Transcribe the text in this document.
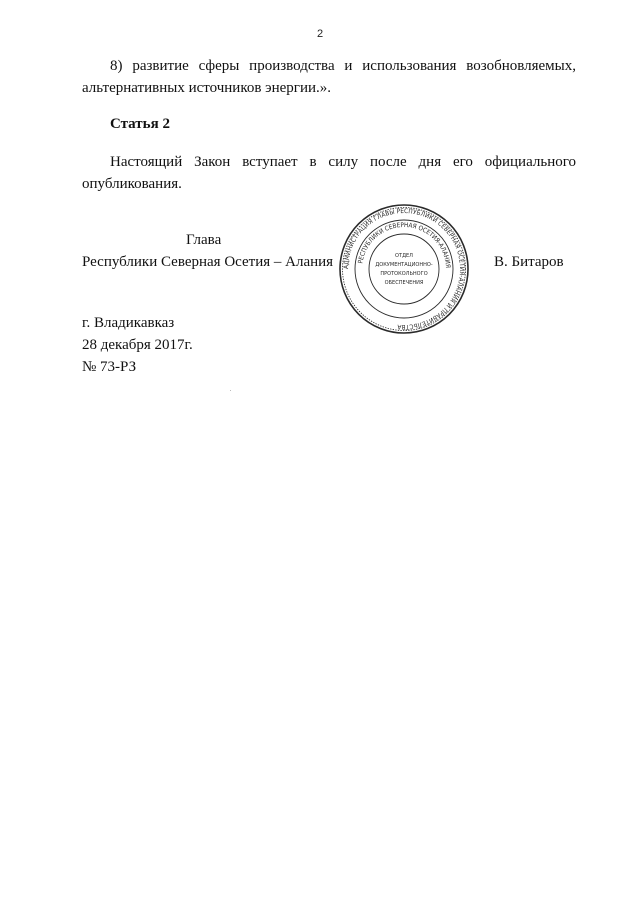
2
8) развитие сферы производства и использования возобновляемых,
альтернативных источников энергии.».
Статья 2
Настоящий Закон вступает в силу после дня его официального
опубликования.
Глава
Республики Северная Осетия – Алания	В. Битаров
АДМИНИСТРАЦИЯ ГЛАВЫ РЕСПУБЛИКИ СЕВЕРНАЯ ОСЕТИЯ-АЛАНИЯ И ПРАВИТЕЛЬСТВА
РЕСПУБЛИКИ СЕВЕРНАЯ ОСЕТИЯ-АЛАНИЯ
ОТДЕЛ
ДОКУМЕНТАЦИОННО-
ПРОТОКОЛЬНОГО
ОБЕСПЕЧЕНИЯ
г. Владикавказ
28 декабря 2017г.
№ 73-РЗ
